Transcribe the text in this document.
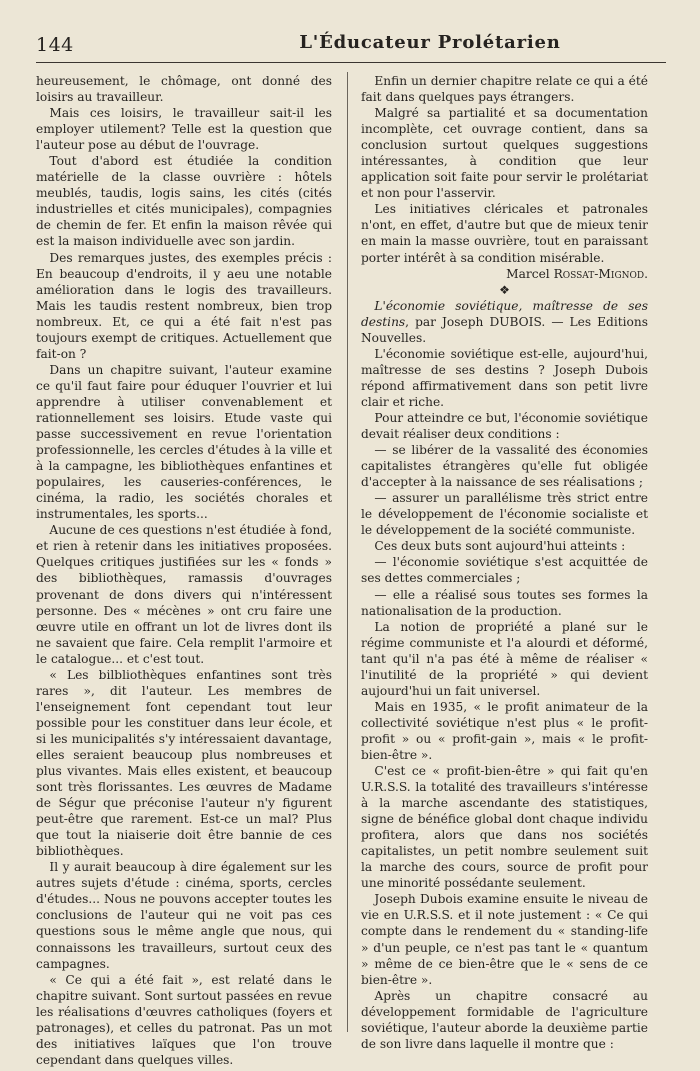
144	L'Éducateur Prolétarien

heureusement, le chômage, ont donné des loisirs au travailleur.

Mais ces loisirs, le travailleur sait-il les employer utilement? Telle est la question que l'auteur pose au début de l'ouvrage.

Tout d'abord est étudiée la condition matérielle de la classe ouvrière : hôtels meublés, taudis, logis sains, les cités (cités industrielles et cités municipales), compagnies de chemin de fer. Et enfin la maison rêvée qui est la maison individuelle avec son jardin.

Des remarques justes, des exemples précis : En beaucoup d'endroits, il y aeu une notable amélioration dans le logis des travailleurs. Mais les taudis restent nombreux, bien trop nombreux. Et, ce qui a été fait n'est pas toujours exempt de critiques. Actuellement que fait-on ?

Dans un chapitre suivant, l'auteur examine ce qu'il faut faire pour éduquer l'ouvrier et lui apprendre à utiliser convenablement et rationnellement ses loisirs. Etude vaste qui passe successivement en revue l'orientation professionnelle, les cercles d'études à la ville et à la campagne, les bibliothèques enfantines et populaires, les causeries-conférences, le cinéma, la radio, les sociétés chorales et instrumentales, les sports...

Aucune de ces questions n'est étudiée à fond, et rien à retenir dans les initiatives proposées. Quelques critiques justifiées sur les « fonds » des bibliothèques, ramassis d'ouvrages provenant de dons divers qui n'intéressent personne. Des « mécènes » ont cru faire une œuvre utile en offrant un lot de livres dont ils ne savaient que faire. Cela remplit l'armoire et le catalogue... et c'est tout.

« Les bilbliothèques enfantines sont très rares », dit l'auteur. Les membres de l'enseignement font cependant tout leur possible pour les constituer dans leur école, et si les municipalités s'y intéressaient davantage, elles seraient beaucoup plus nombreuses et plus vivantes. Mais elles existent, et beaucoup sont très florissantes. Les œuvres de Madame de Ségur que préconise l'auteur n'y figurent peut-être que rarement. Est-ce un mal? Plus que tout la niaiserie doit être bannie de ces bibliothèques.

Il y aurait beaucoup à dire également sur les autres sujets d'étude : cinéma, sports, cercles d'études... Nous ne pouvons accepter toutes les conclusions de l'auteur qui ne voit pas ces questions sous le même angle que nous, qui connaissons les travailleurs, surtout ceux des campagnes.

« Ce qui a été fait », est relaté dans le chapitre suivant. Sont surtout passées en revue les réalisations d'œuvres catholiques (foyers et patronages), et celles du patronat. Pas un mot des initiatives laïques que l'on trouve cependant dans quelques villes.

Enfin un dernier chapitre relate ce qui a été fait dans quelques pays étrangers.

Malgré sa partialité et sa documentation incomplète, cet ouvrage contient, dans sa conclusion surtout quelques suggestions intéressantes, à condition que leur application soit faite pour servir le prolétariat et non pour l'asservir.

Les initiatives cléricales et patronales n'ont, en effet, d'autre but que de mieux tenir en main la masse ouvrière, tout en paraissant porter intérêt à sa condition misérable.

Marcel Rossat-Mignod.

❖

L'économie soviétique, maîtresse de ses destins, par Joseph DUBOIS. — Les Editions Nouvelles.

L'économie soviétique est-elle, aujourd'hui, maîtresse de ses destins ? Joseph Dubois répond affirmativement dans son petit livre clair et riche.

Pour atteindre ce but, l'économie soviétique devait réaliser deux conditions :

— se libérer de la vassalité des économies capitalistes étrangères qu'elle fut obligée d'accepter à la naissance de ses réalisations ;

— assurer un parallélisme très strict entre le développement de l'économie socialiste et le développement de la société communiste.

Ces deux buts sont aujourd'hui atteints :

— l'économie soviétique s'est acquittée de ses dettes commerciales ;

— elle a réalisé sous toutes ses formes la nationalisation de la production.

La notion de propriété a plané sur le régime communiste et l'a alourdi et déformé, tant qu'il n'a pas été à même de réaliser « l'inutilité de la propriété » qui devient aujourd'hui un fait universel.

Mais en 1935, « le profit animateur de la collectivité soviétique n'est plus « le profit-profit » ou « profit-gain », mais « le profit-bien-être ».

C'est ce « profit-bien-être » qui fait qu'en U.R.S.S. la totalité des travailleurs s'intéresse à la marche ascendante des statistiques, signe de bénéfice global dont chaque individu profitera, alors que dans nos sociétés capitalistes, un petit nombre seulement suit la marche des cours, source de profit pour une minorité possédante seulement.

Joseph Dubois examine ensuite le niveau de vie en U.R.S.S. et il note justement : « Ce qui compte dans le rendement du « standing-life » d'un peuple, ce n'est pas tant le « quantum » même de ce bien-être que le « sens de ce bien-être ».

Après un chapitre consacré au développement formidable de l'agriculture soviétique, l'auteur aborde la deuxième partie de son livre dans laquelle il montre que :
